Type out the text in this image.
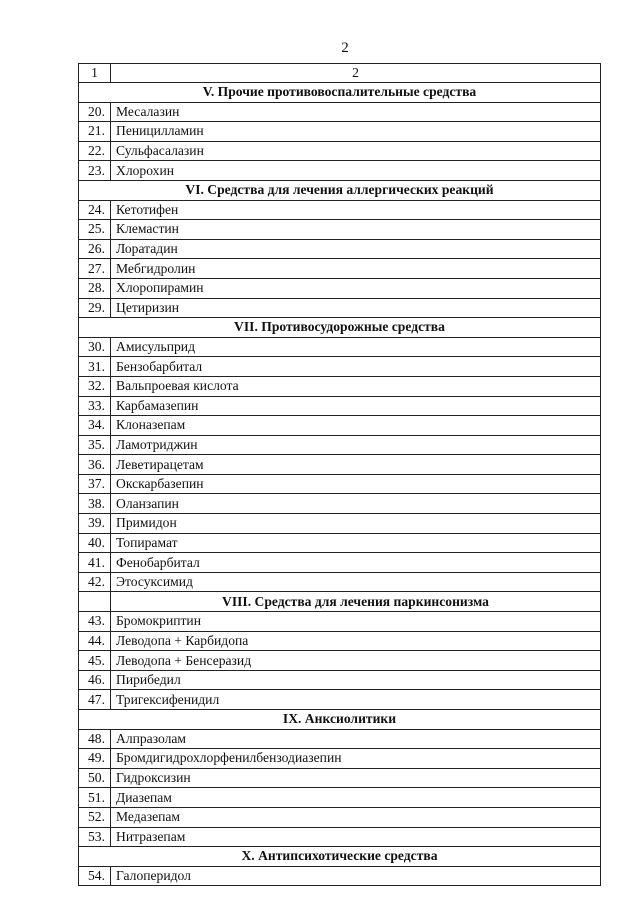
2
1	2
V. Прочие противовоспалительные средства	
20.	Месалазин
21.	Пеницилламин
22.	Сульфасалазин
23.	Хлорохин
VI. Средства для лечения аллергических реакций	
24.	Кетотифен
25.	Клемастин
26.	Лоратадин
27.	Мебгидролин
28.	Хлоропирамин
29.	Цетиризин
VII. Противосудорожные средства	
30.	Амисульприд
31.	Бензобарбитал
32.	Вальпроевая кислота
33.	Карбамазепин
34.	Клоназепам
35.	Ламотриджин
36.	Леветирацетам
37.	Окскарбазепин
38.	Оланзапин
39.	Примидон
40.	Топирамат
41.	Фенобарбитал
42.	Этосуксимид
	VIII. Средства для лечения паркинсонизма
43.	Бромокриптин
44.	Леводопа + Карбидопа
45.	Леводопа + Бенсеразид
46.	Пирибедил
47.	Тригексифенидил
IX. Анксиолитики	
48.	Алпразолам
49.	Бромдигидрохлорфенилбензодиазепин
50.	Гидроксизин
51.	Диазепам
52.	Медазепам
53.	Нитразепам
X. Антипсихотические средства	
54.	Галоперидол
